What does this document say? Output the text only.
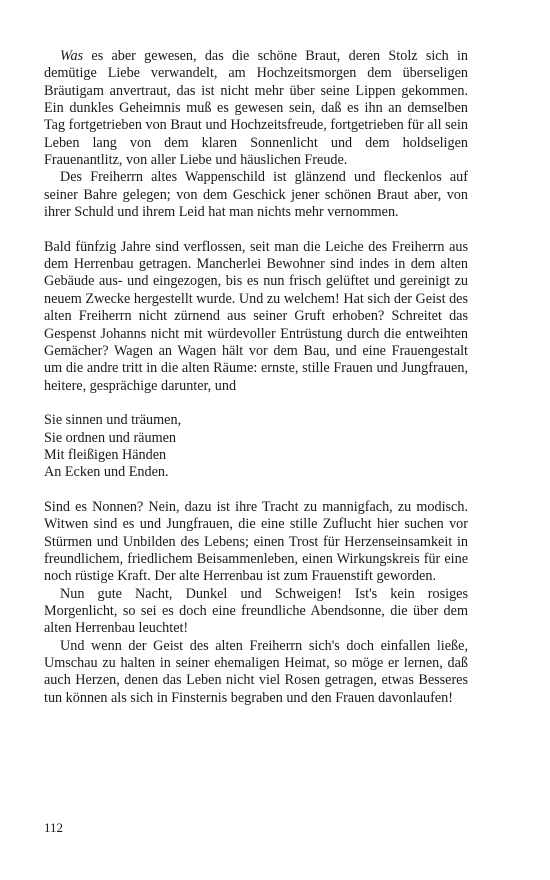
Was es aber gewesen, das die schöne Braut, deren Stolz sich in demütige Liebe verwandelt, am Hochzeitsmorgen dem überseligen Bräutigam anvertraut, das ist nicht mehr über seine Lippen gekommen. Ein dunkles Geheimnis muß es gewesen sein, daß es ihn an demselben Tag fortgetrieben von Braut und Hochzeitsfreude, fortgetrieben für all sein Leben lang von dem klaren Sonnenlicht und dem holdseligen Frauenantlitz, von aller Liebe und häuslichen Freude.

Des Freiherrn altes Wappenschild ist glänzend und fleckenlos auf seiner Bahre gelegen; von dem Geschick jener schönen Braut aber, von ihrer Schuld und ihrem Leid hat man nichts mehr vernommen.

Bald fünfzig Jahre sind verflossen, seit man die Leiche des Freiherrn aus dem Herrenbau getragen. Mancherlei Bewohner sind indes in dem alten Gebäude aus- und eingezogen, bis es nun frisch gelüftet und gereinigt zu neuem Zwecke hergestellt wurde. Und zu welchem! Hat sich der Geist des alten Freiherrn nicht zürnend aus seiner Gruft erhoben? Schreitet das Gespenst Johanns nicht mit würdevoller Entrüstung durch die entweihten Gemächer? Wagen an Wagen hält vor dem Bau, und eine Frauengestalt um die andre tritt in die alten Räume: ernste, stille Frauen und Jungfrauen, heitere, gesprächige darunter, und

Sie sinnen und träumen,
Sie ordnen und räumen
Mit fleißigen Händen
An Ecken und Enden.

Sind es Nonnen? Nein, dazu ist ihre Tracht zu mannigfach, zu modisch. Witwen sind es und Jungfrauen, die eine stille Zuflucht hier suchen vor Stürmen und Unbilden des Lebens; einen Trost für Herzenseinsamkeit in freundlichem, friedlichem Beisammenleben, einen Wirkungskreis für eine noch rüstige Kraft. Der alte Herrenbau ist zum Frauenstift geworden.

Nun gute Nacht, Dunkel und Schweigen! Ist's kein rosiges Morgenlicht, so sei es doch eine freundliche Abendsonne, die über dem alten Herrenbau leuchtet!

Und wenn der Geist des alten Freiherrn sich's doch einfallen ließe, Umschau zu halten in seiner ehemaligen Heimat, so möge er lernen, daß auch Herzen, denen das Leben nicht viel Rosen getragen, etwas Besseres tun können als sich in Finsternis begraben und den Frauen davonlaufen!

112
